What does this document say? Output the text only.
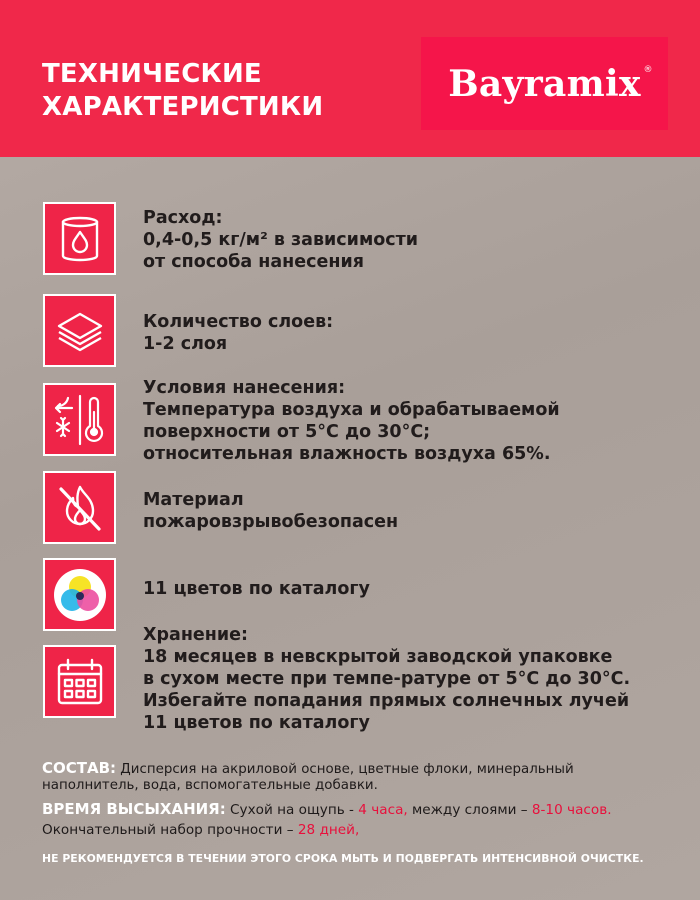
ТЕХНИЧЕСКИЕ
ХАРАКТЕРИСТИКИ
Bayramix ®
Расход:
0,4-0,5 кг/м² в зависимости
от способа нанесения
Количество слоев:
1-2 слоя
Условия нанесения:
Температура воздуха и обрабатываемой
поверхности от 5°С до 30°С;
относительная влажность воздуха 65%.
Материал
пожаровзрывобезопасен
11 цветов по каталогу
Хранение:
18 месяцев в невскрытой заводской упаковке
в сухом месте при темпе-ратуре от 5°С до 30°С.
Избегайте попадания прямых солнечных лучей
11 цветов по каталогу
СОСТАВ: Дисперсия на акриловой основе, цветные флоки, минеральный наполнитель, вода, вспомогательные добавки.
ВРЕМЯ ВЫСЫХАНИЯ: Сухой на ощупь - 4 часа, между слоями – 8-10 часов.
Окончательный набор прочности – 28 дней,
НЕ РЕКОМЕНДУЕТСЯ В ТЕЧЕНИИ ЭТОГО СРОКА МЫТЬ И ПОДВЕРГАТЬ ИНТЕНСИВНОЙ ОЧИСТКЕ.
